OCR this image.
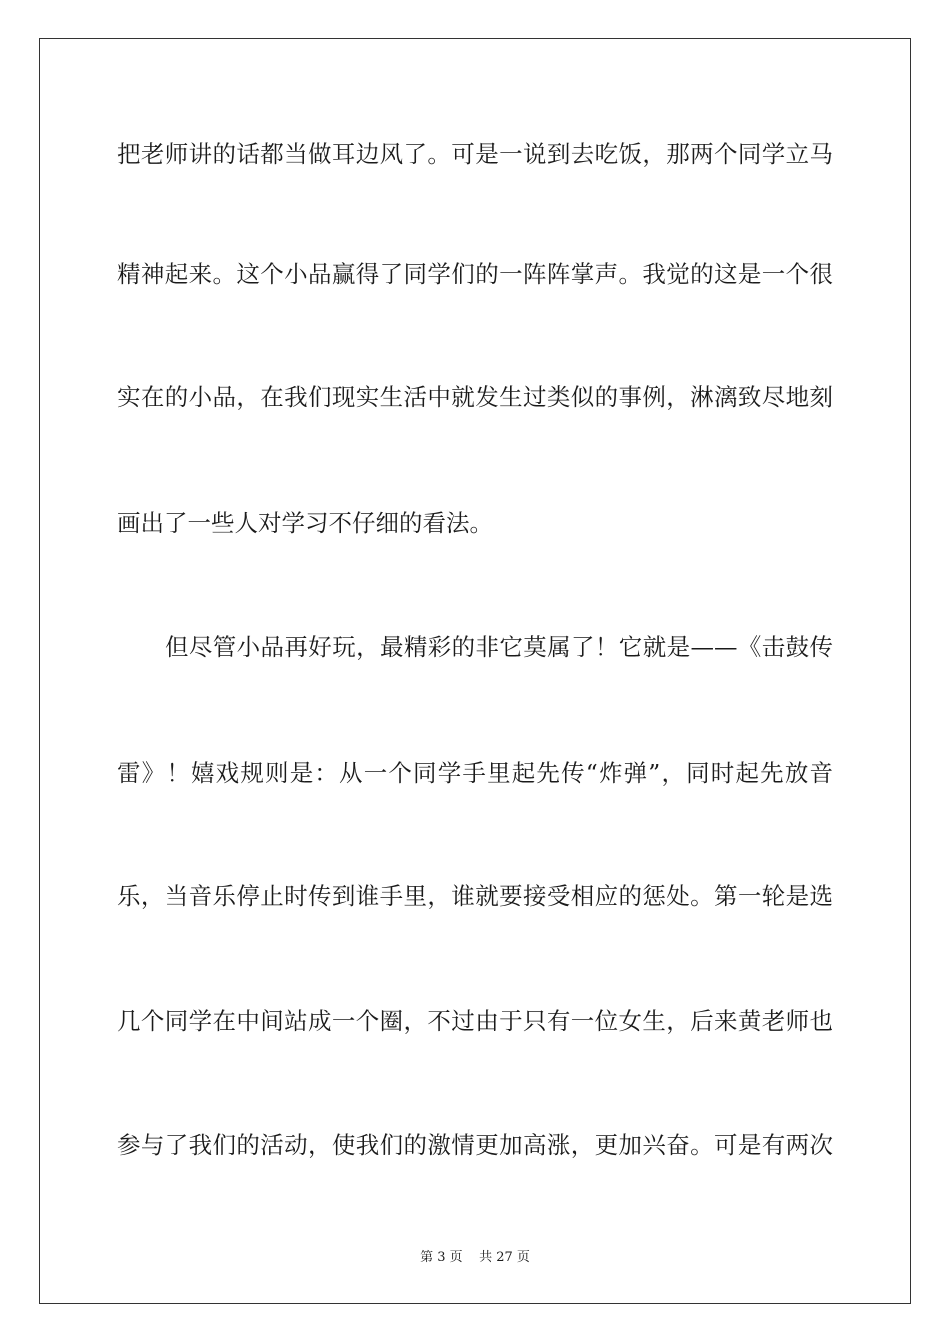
把老师讲的话都当做耳边风了。可是一说到去吃饭，那两个同学立马
精神起来。这个小品赢得了同学们的一阵阵掌声。我觉的这是一个很
实在的小品，在我们现实生活中就发生过类似的事例，淋漓致尽地刻
画出了一些人对学习不仔细的看法。
但尽管小品再好玩，最精彩的非它莫属了！它就是——《击鼓传
雷》！嬉戏规则是：从一个同学手里起先传“炸弹”，同时起先放音
乐，当音乐停止时传到谁手里，谁就要接受相应的惩处。第一轮是选
几个同学在中间站成一个圈，不过由于只有一位女生，后来黄老师也
参与了我们的活动，使我们的激情更加高涨，更加兴奋。可是有两次
第 3 页    共 27 页
